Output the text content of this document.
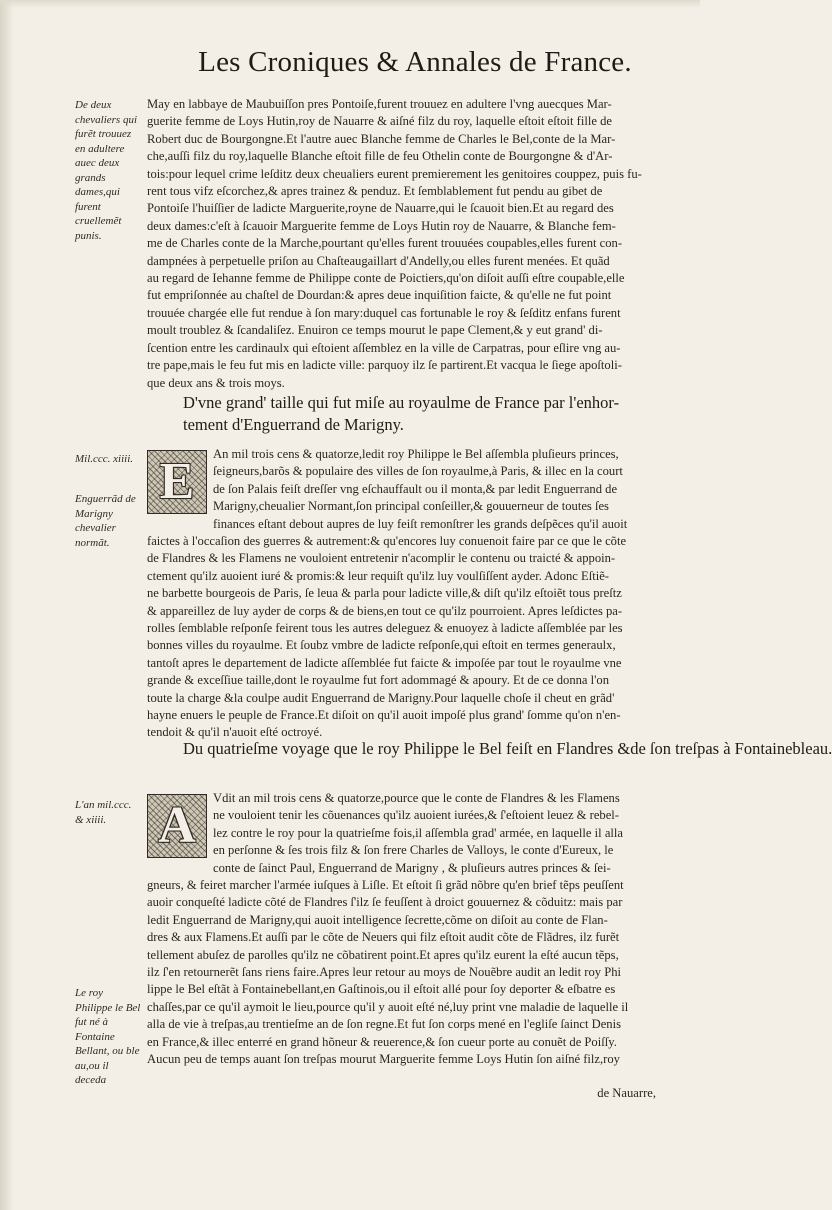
Les Croniques & Annales de France.
De deux chevaliers qui furẽt trouuez en adultere auec deux grands dames,qui furent cruellemẽt punis.
Mil.ccc. xiiii.
Enguerrãd de Marigny chevalier normãt.
L'an mil.ccc. & xiiii.
Le roy Philippe le Bel fut né à Fontaine Bellant, ou ble au,ou il deceda
May en labbaye de Maubuiſſon pres Pontoiſe,furent trouuez en adultere l'vng auecques Mar-
guerite femme de Loys Hutin,roy de Nauarre & aiſné filz du roy, laquelle eſtoit eſtoit fille de
Robert duc de Bourgongne.Et l'autre auec Blanche femme de Charles le Bel,conte de la Mar-
che,auſſi filz du roy,laquelle Blanche eſtoit fille de feu Othelin conte de Bourgongne & d'Ar-
tois:pour lequel crime leſditz deux cheualiers eurent premierement les genitoires couppez, puis fu-
rent tous vifz eſcorchez,& apres trainez & penduz. Et ſemblablement fut pendu au gibet de
Pontoiſe l'huiſſier de ladicte Marguerite,royne de Nauarre,qui le ſcauoit bien.Et au regard des
deux dames:c'eſt à ſcauoir Marguerite femme de Loys Hutin roy de Nauarre, & Blanche fem-
me de Charles conte de la Marche,pourtant qu'elles furent trouuées coupables,elles furent con-
dampnées à perpetuelle priſon au Chaſteaugaillart d'Andelly,ou elles furent menées. Et quãd
au regard de Iehanne femme de Philippe conte de Poictiers,qu'on diſoit auſſi eſtre coupable,elle
fut empriſonnée au chaſtel de Dourdan:& apres deue inquiſition faicte, & qu'elle ne fut point
trouuée chargée elle fut rendue à ſon mary:duquel cas fortunable le roy & ſeſditz enfans furent
moult troublez & ſcandaliſez. Enuiron ce temps mourut le pape Clement,& y eut grand' di-
ſcention entre les cardinaulx qui eſtoient aſſemblez en la ville de Carpatras, pour eſlire vng au-
tre pape,mais le feu fut mis en ladicte ville: parquoy ilz ſe partirent.Et vacqua le ſiege apoſtoli-
que deux ans & trois moys.
D'vne grand' taille qui fut miſe au royaulme de France par l'enhor-tement d'Enguerrand de Marigny.
E	An mil trois cens & quatorze,ledit roy Philippe le Bel aſſembla pluſieurs princes,
ſeigneurs,barõs & populaire des villes de ſon royaulme,à Paris, & illec en la court
de ſon Palais feiſt dreſſer vng eſchauffault ou il monta,& par ledit Enguerrand de
Marigny,cheualier Normant,ſon principal conſeiller,& gouuerneur de toutes ſes
finances eſtant debout aupres de luy feiſt remonſtrer les grands deſpẽces qu'il auoit
faictes à l'occaſion des guerres & autrement:& qu'encores luy conuenoit faire par ce que le cõte
de Flandres & les Flamens ne vouloient entretenir n'acomplir le contenu ou traicté & appoin-
ctement qu'ilz auoient iuré & promis:& leur requiſt qu'ilz luy voulſiſſent ayder. Adonc Eſtiẽ-
ne barbette bourgeois de Paris, ſe leua & parla pour ladicte ville,& diſt qu'ilz eſtoiẽt tous preſtz
& appareillez de luy ayder de corps & de biens,en tout ce qu'ilz pourroient. Apres leſdictes pa-
rolles ſemblable reſponſe feirent tous les autres deleguez & enuoyez à ladicte aſſemblée par les
bonnes villes du royaulme. Et ſoubz vmbre de ladicte reſponſe,qui eſtoit en termes generaulx,
tantoſt apres le departement de ladicte aſſemblée fut faicte & impoſée par tout le royaulme vne
grande & exceſſiue taille,dont le royaulme fut fort adommagé & apoury. Et de ce donna l'on
toute la charge &la coulpe audit Enguerrand de Marigny.Pour laquelle choſe il cheut en grãd'
hayne enuers le peuple de France.Et diſoit on qu'il auoit impoſé plus grand' ſomme qu'on n'en-
tendoit & qu'il n'auoit eſté octroyé.
Du quatrieſme voyage que le roy Philippe le Bel feiſt en Flandres &de ſon treſpas à Fontainebleau.
A	Vdit an mil trois cens & quatorze,pource que le conte de Flandres & les Flamens
ne vouloient tenir les cõuenances qu'ilz auoient iurées,& ſ'eſtoient leuez & rebel-
lez contre le roy pour la quatrieſme fois,il aſſembla grad' armée, en laquelle il alla
en perſonne & ſes trois filz & ſon frere Charles de Valloys, le conte d'Eureux, le
conte de ſainct Paul, Enguerrand de Marigny , & pluſieurs autres princes & ſei-
gneurs, & feiret marcher l'armée iuſques à Liſle. Et eſtoit ſi grãd nõbre qu'en brief tẽps peuſſent
auoir conqueſté ladicte cõté de Flandres ſ'ilz ſe feuſſent à droict gouuernez & cõduitz: mais par
ledit Enguerrand de Marigny,qui auoit intelligence ſecrette,cõme on diſoit au conte de Flan-
dres & aux Flamens.Et auſſi par le cõte de Neuers qui filz eſtoit audit cõte de Flãdres, ilz furẽt
tellement abuſez de parolles qu'ilz ne cõbatirent point.Et apres qu'ilz eurent la eſté aucun tẽps,
ilz ſ'en retournerẽt ſans riens faire.Apres leur retour au moys de Nouẽbre audit an ledit roy Phi
lippe le Bel eſtãt à Fontainebellant,en Gaſtinois,ou il eſtoit allé pour ſoy deporter & eſbatre es
chaſſes,par ce qu'il aymoit le lieu,pource qu'il y auoit eſté né,luy print vne maladie de laquelle il
alla de vie à treſpas,au trentieſme an de ſon regne.Et fut ſon corps mené en l'egliſe ſainct Denis
en France,& illec enterré en grand hõneur & reuerence,& ſon cueur porte au conuẽt de Poiſſy.
Aucun peu de temps auant ſon treſpas mourut Marguerite femme Loys Hutin ſon aiſné filz,roy
de Nauarre,
